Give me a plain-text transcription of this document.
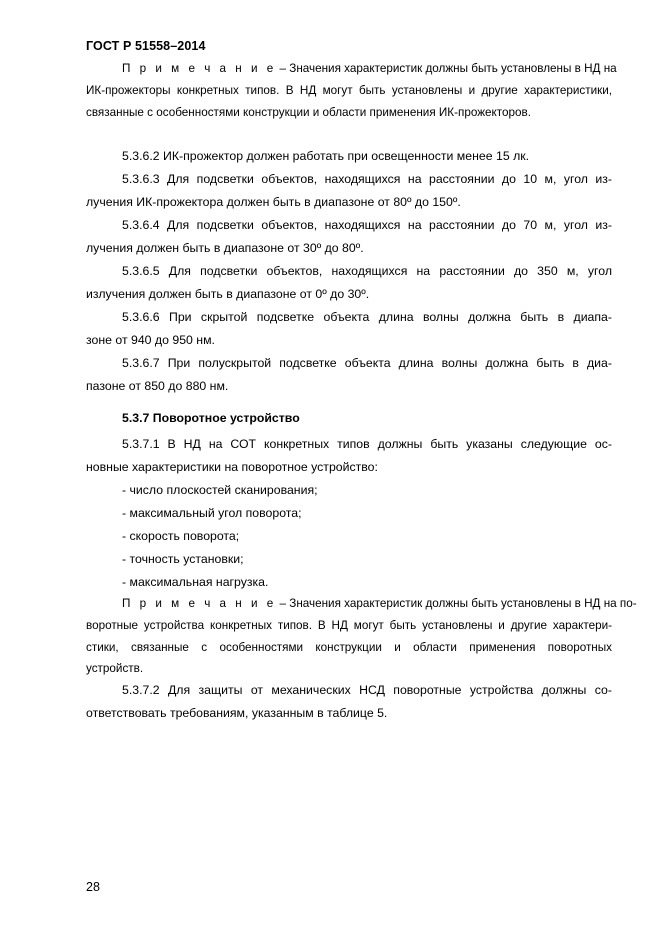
ГОСТ Р 51558–2014
П р и м е ч а н и е – Значения характеристик должны быть установлены в НД на
ИК-прожекторы конкретных типов. В НД могут быть установлены и другие характеристики,
связанные с особенностями конструкции и области применения ИК-прожекторов.
5.3.6.2 ИК-прожектор должен работать при освещенности менее 15 лк.
5.3.6.3 Для подсветки объектов, находящихся на расстоянии до 10 м, угол из-
лучения ИК-прожектора должен быть в диапазоне от 80º до 150º.
5.3.6.4 Для подсветки объектов, находящихся на расстоянии до 70 м, угол из-
лучения должен быть в диапазоне от 30º до 80º.
5.3.6.5 Для подсветки объектов, находящихся на расстоянии до 350 м, угол
излучения должен быть в диапазоне от 0º до 30º.
5.3.6.6 При скрытой подсветке объекта длина волны должна быть в диапа-
зоне от 940 до 950 нм.
5.3.6.7 При полускрытой подсветке объекта длина волны должна быть в диа-
пазоне от 850 до 880 нм.
5.3.7 Поворотное устройство
5.3.7.1 В НД на СОТ конкретных типов должны быть указаны следующие ос-
новные характеристики на поворотное устройство:
- число плоскостей сканирования;
- максимальный угол поворота;
- скорость поворота;
- точность установки;
- максимальная нагрузка.
П р и м е ч а н и е – Значения характеристик должны быть установлены в НД на по-
воротные устройства конкретных типов. В НД могут быть установлены и другие характери-
стики, связанные с особенностями конструкции и области применения поворотных
устройств.
5.3.7.2 Для защиты от механических НСД поворотные устройства должны со-
ответствовать требованиям, указанным в таблице 5.
28
